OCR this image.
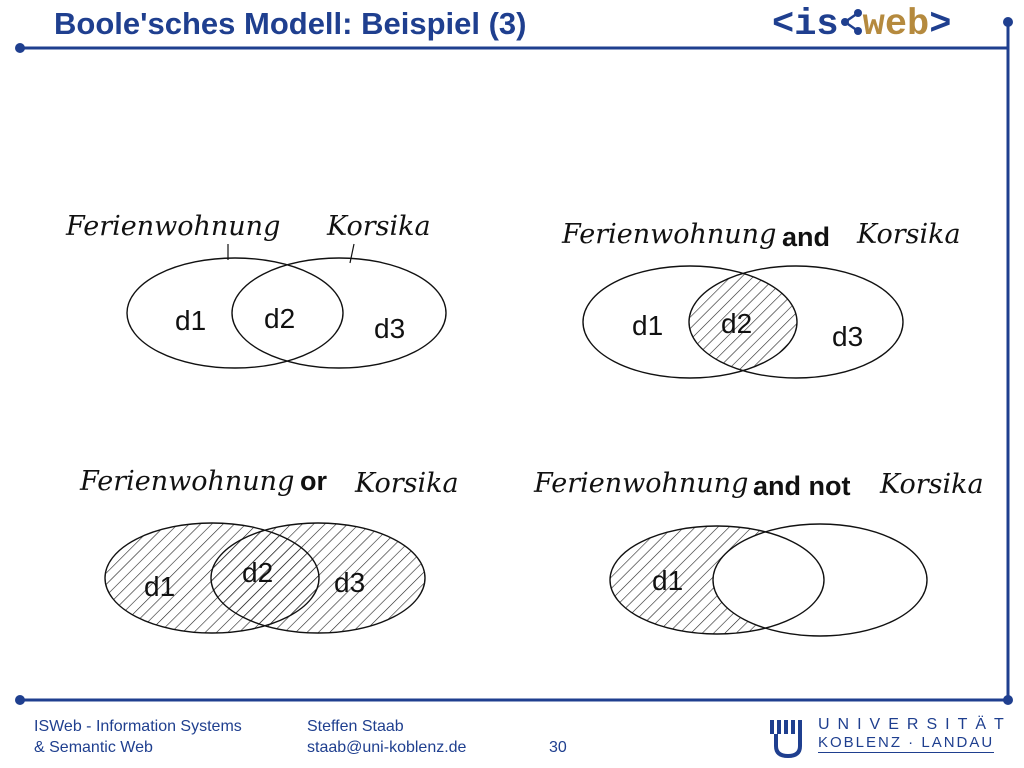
Boole'sches Modell: Beispiel (3)	<is web>
Ferienwohnung Korsika
d1 d2	d3
Ferienwohnung and Korsika
d1 d2	d3
Ferienwohnung or Korsika
d1 d2 d3
Ferienwohnung and not Korsika
d1
ISWeb - Information Systems
& Semantic Web
Steffen Staab
staab@uni-koblenz.de	30
UNIVERSITÄT
KOBLENZ · LANDAU
